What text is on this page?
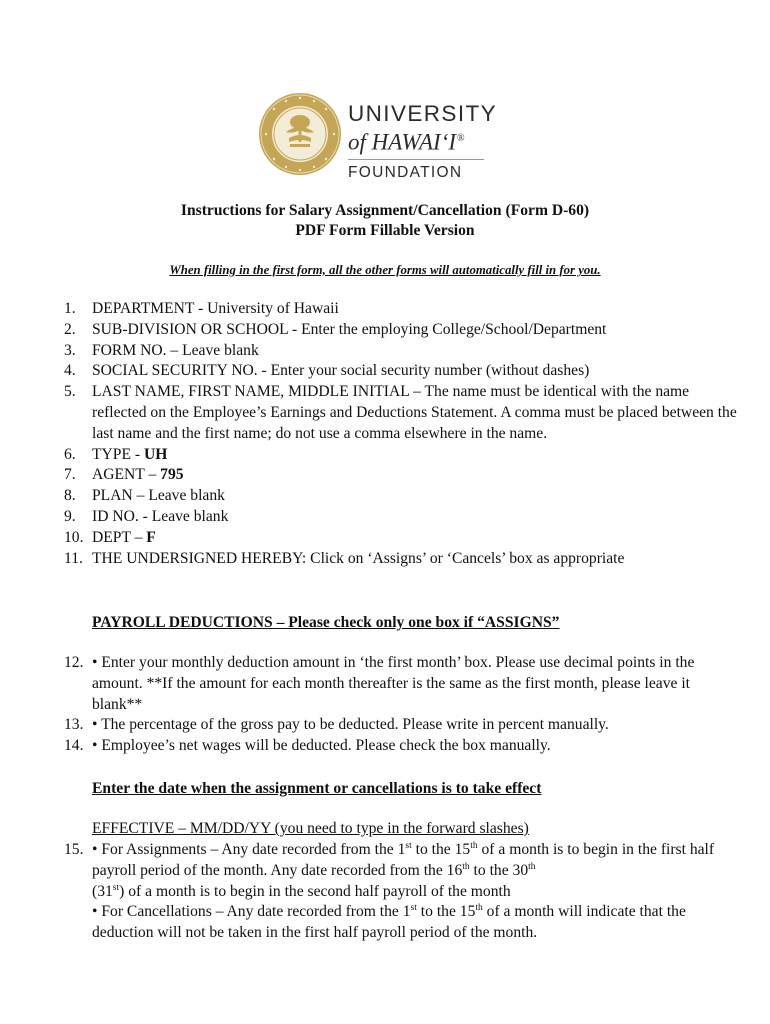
UNIVERSITY
of HAWAIʻI®
FOUNDATION
Instructions for Salary Assignment/Cancellation (Form D-60)
PDF Form Fillable Version
When filling in the first form, all the other forms will automatically fill in for you.
1. DEPARTMENT - University of Hawaii
2. SUB-DIVISION OR SCHOOL - Enter the employing College/School/Department
3. FORM NO. – Leave blank
4. SOCIAL SECURITY NO. - Enter your social security number (without dashes)
5. LAST NAME, FIRST NAME, MIDDLE INITIAL – The name must be identical with the name reflected on the Employee’s Earnings and Deductions Statement. A comma must be placed between the last name and the first name; do not use a comma elsewhere in the name.
6. TYPE - UH
7. AGENT – 795
8. PLAN – Leave blank
9. ID NO. - Leave blank
10. DEPT – F
11. THE UNDERSIGNED HEREBY: Click on ‘Assigns’ or ‘Cancels’ box as appropriate
PAYROLL DEDUCTIONS – Please check only one box if “ASSIGNS”
12. • Enter your monthly deduction amount in ‘the first month’ box. Please use decimal points in the amount. **If the amount for each month thereafter is the same as the first month, please leave it blank**
13. • The percentage of the gross pay to be deducted. Please write in percent manually.
14. • Employee’s net wages will be deducted. Please check the box manually.
Enter the date when the assignment or cancellations is to take effect
EFFECTIVE – MM/DD/YY (you need to type in the forward slashes)
15. • For Assignments – Any date recorded from the 1st to the 15th of a month is to begin in the first half payroll period of the month. Any date recorded from the 16th to the 30th
(31st) of a month is to begin in the second half payroll of the month
• For Cancellations – Any date recorded from the 1st to the 15th of a month will indicate that the deduction will not be taken in the first half payroll period of the month.
